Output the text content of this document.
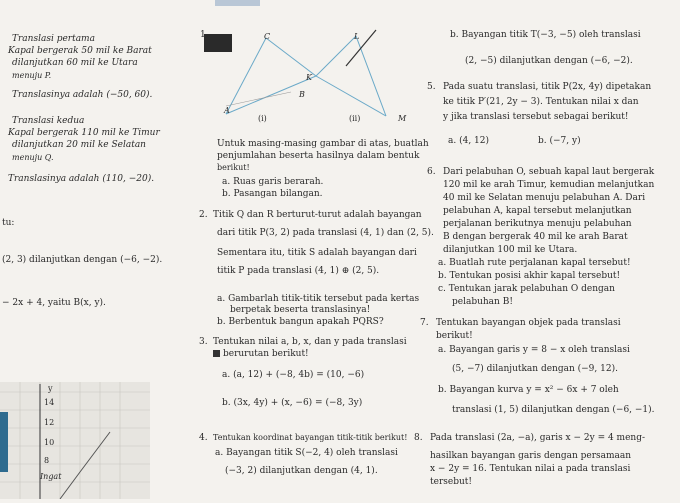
Translasi pertama
Kapal bergerak 50 mil ke Barat
dilanjutkan 60 mil ke Utara
menuju P.
Translasinya adalah (−50, 60).
Translasi kedua
Kapal bergerak 110 mil ke Timur
dilanjutkan 20 mil ke Selatan
menuju Q.
Translasinya adalah (110, −20).
tu:
(2, 3) dilanjutkan dengan (−6, −2).
− 2x + 4, yaitu B(x, y).
y
14
12
10
8
Ingat
1.	C	L
K
B
A
M
(i)	(ii)
Untuk masing-masing gambar di atas, buatlah
penjumlahan beserta hasilnya dalam bentuk
berikut!
a. Ruas garis berarah.
b. Pasangan bilangan.
2. Titik Q dan R berturut-turut adalah bayangan
dari titik P(3, 2) pada translasi (4, 1) dan (2, 5).
Sementara itu, titik S adalah bayangan dari
titik P pada translasi (4, 1) ⊕ (2, 5).
a. Gambarlah titik-titik tersebut pada kertas
berpetak beserta translasinya!
b. Berbentuk bangun apakah PQRS?
3. Tentukan nilai a, b, x, dan y pada translasi
berurutan berikut!
a. (a, 12) + (−8, 4b) = (10, −6)
b. (3x, 4y) + (x, −6) = (−8, 3y)
4. Tentukan koordinat bayangan titik-titik berikut!
a. Bayangan titik S(−2, 4) oleh translasi
(−3, 2) dilanjutkan dengan (4, 1).
b. Bayangan titik T(−3, −5) oleh translasi
(2, −5) dilanjutkan dengan (−6, −2).
5. Pada suatu translasi, titik P(2x, 4y) dipetakan
ke titik P′(21, 2y − 3). Tentukan nilai x dan
y jika translasi tersebut sebagai berikut!
a. (4, 12)	b. (−7, y)
6. Dari pelabuhan O, sebuah kapal laut bergerak
120 mil ke arah Timur, kemudian melanjutkan
40 mil ke Selatan menuju pelabuhan A. Dari
pelabuhan A, kapal tersebut melanjutkan
perjalanan berikutnya menuju pelabuhan
B dengan bergerak 40 mil ke arah Barat
dilanjutkan 100 mil ke Utara.
a. Buatlah rute perjalanan kapal tersebut!
b. Tentukan posisi akhir kapal tersebut!
c. Tentukan jarak pelabuhan O dengan
pelabuhan B!
7. Tentukan bayangan objek pada translasi
berikut!
a. Bayangan garis y = 8 − x oleh translasi
(5, −7) dilanjutkan dengan (−9, 12).
b. Bayangan kurva y = x² − 6x + 7 oleh
translasi (1, 5) dilanjutkan dengan (−6, −1).
8. Pada translasi (2a, −a), garis x − 2y = 4 meng-
hasilkan bayangan garis dengan persamaan
x − 2y = 16. Tentukan nilai a pada translasi
tersebut!
